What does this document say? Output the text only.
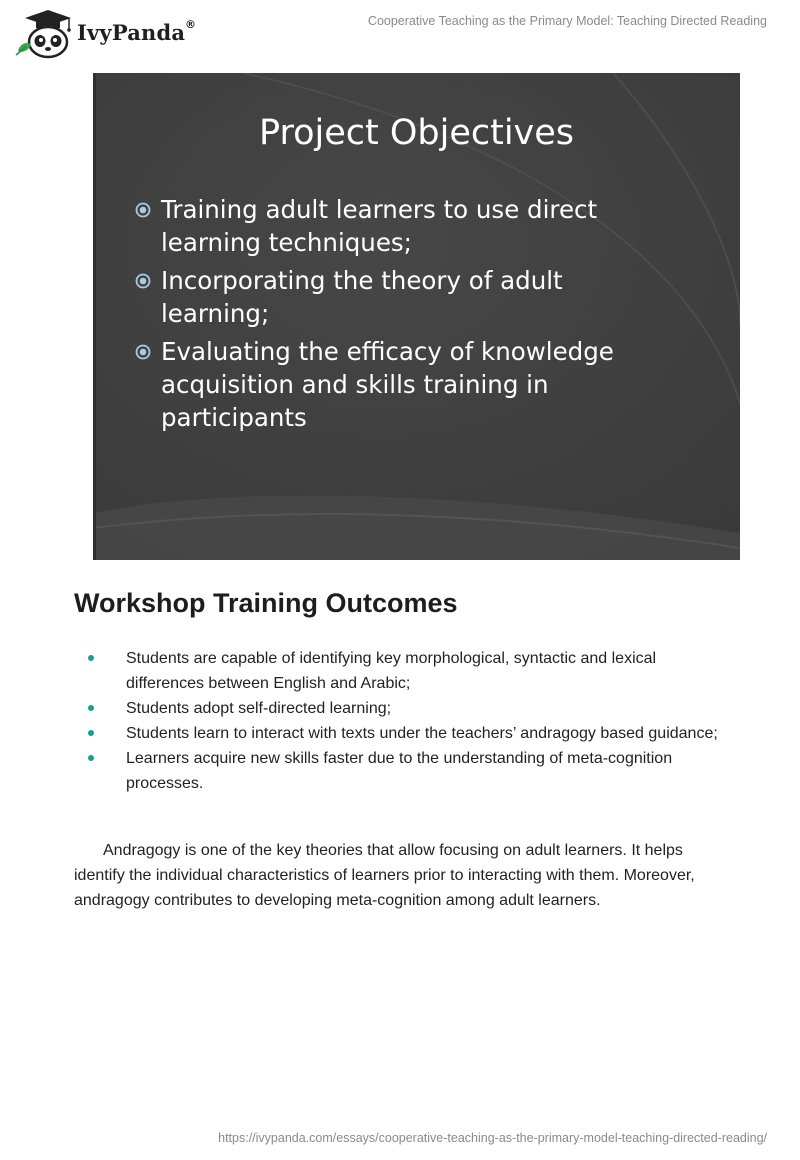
IvyPanda ®	Cooperative Teaching as the Primary Model: Teaching Directed Reading
Project Objectives
Training adult learners to use direct
learning techniques;
Incorporating the theory of adult
learning;
Evaluating the efficacy of knowledge
acquisition and skills training in
participants
Workshop Training Outcomes
Students are capable of identifying key morphological, syntactic and lexical differences between English and Arabic;
Students adopt self-directed learning;
Students learn to interact with texts under the teachers’ andragogy based guidance;
Learners acquire new skills faster due to the understanding of meta-cognition processes.

Andragogy is one of the key theories that allow focusing on adult learners. It helps identify the individual characteristics of learners prior to interacting with them. Moreover, andragogy contributes to developing meta-cognition among adult learners.

https://ivypanda.com/essays/cooperative-teaching-as-the-primary-model-teaching-directed-reading/
